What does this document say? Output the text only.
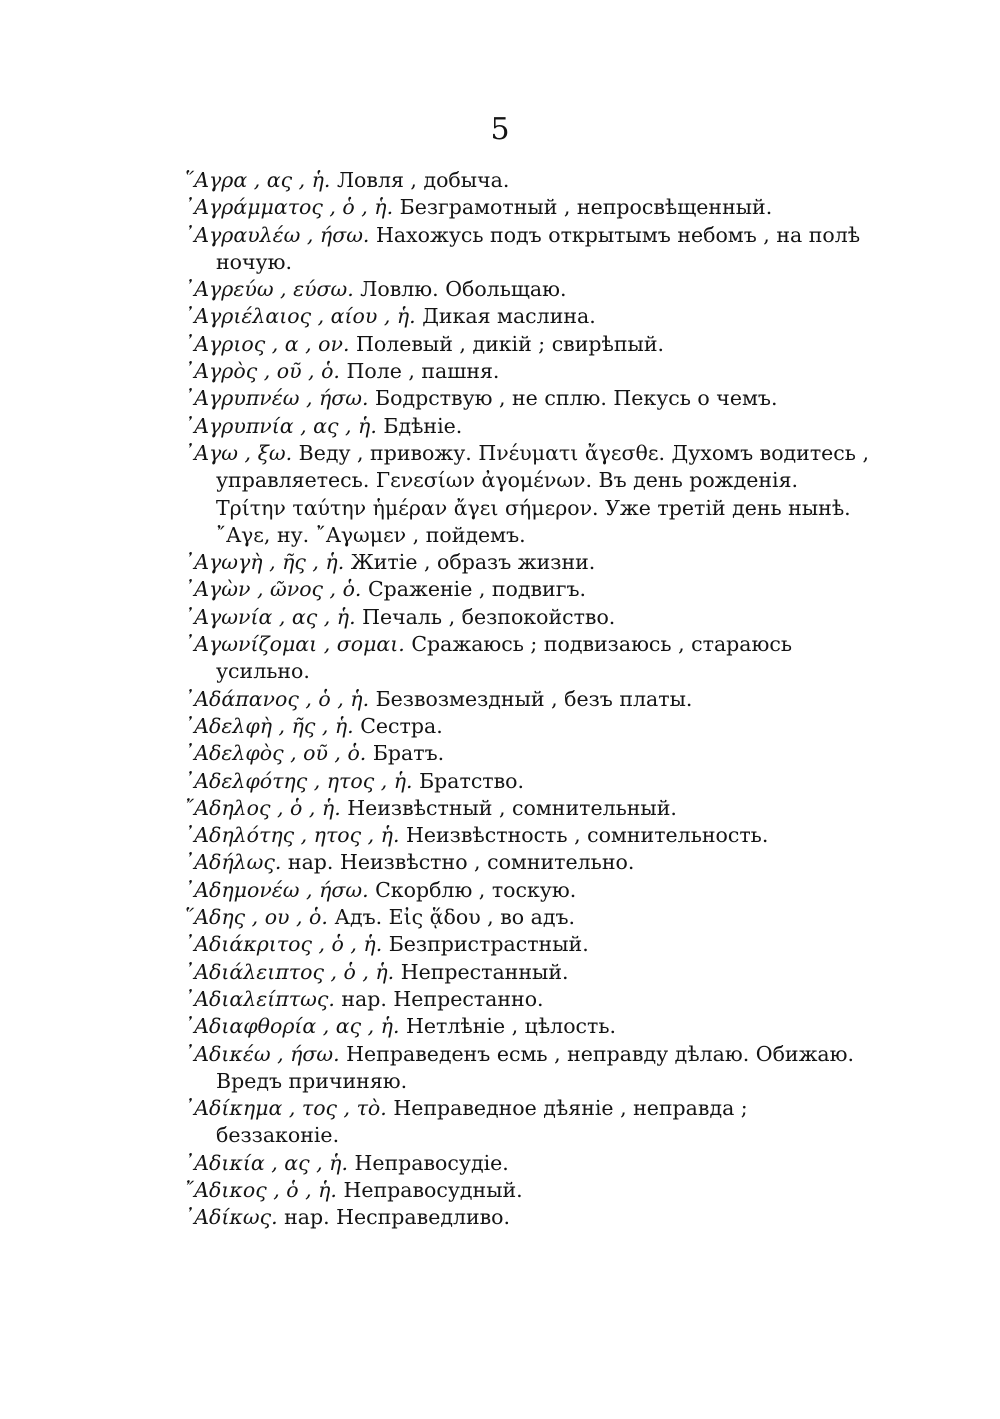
5
῞Αγρα , ας , ἡ. Ловля , добыча.
᾿Αγράμματος , ὁ , ἡ. Безграмотный , непросвѣщенный.
᾿Αγραυλέω , ήσω. Нахожусь подъ открытымъ небомъ , на полѣ ночую.
᾿Αγρεύω , εύσω. Ловлю. Обольщаю.
᾿Αγριέλαιος , αίου , ἡ. Дикая маслина.
᾿Αγριος , α , ον. Полевый , дикій ; свирѣпый.
᾿Αγρὸς , οῦ , ὁ. Поле , пашня.
᾿Αγρυπνέω , ήσω. Бодрствую , не сплю. Пекусь о чемъ.
᾿Αγρυπνία , ας , ἡ. Бдѣніе.
᾿Αγω , ξω. Веду , привожу. Πνέυματι ἄγεσθε. Духомъ водитесь , управляетесь. Γενεσίων ἀγομένων. Въ день рожденія. Τρίτην ταύτην ἡμέραν ἄγει σήμερον. Уже третій день нынѣ. ῎Αγε, ну. ῎Αγωμεν , пойдемъ.
᾿Αγωγὴ , ῆς , ἡ. Житіе , образъ жизни.
᾿Αγὼν , ῶνος , ὁ. Сраженіе , подвигъ.
᾿Αγωνία , ας , ἡ. Печаль , безпокойство.
᾿Αγωνίζομαι , σομαι. Сражаюсь ; подвизаюсь , стараюсь усильно.
᾿Αδάπανος , ὁ , ἡ. Безвозмездный , безъ платы.
᾿Αδελφὴ , ῆς , ἡ. Сестра.
᾿Αδελφὸς , οῦ , ὁ. Братъ.
᾿Αδελφότης , ητος , ἡ. Братство.
῎Αδηλος , ὁ , ἡ. Неизвѣстный , сомнительный.
᾿Αδηλότης , ητος , ἡ. Неизвѣстность , сомнительность.
᾿Αδήλως. нар. Неизвѣстно , сомнительно.
᾿Αδημονέω , ήσω. Скорблю , тоскую.
῞Αδης , ου , ὁ. Адъ. Εἰς ᾅδου , во адъ.
᾿Αδιάκριτος , ὁ , ἡ. Безпристрастный.
᾿Αδιάλειπτος , ὁ , ἡ. Непрестанный.
᾿Αδιαλείπτως. нар. Непрестанно.
᾿Αδιαφθορία , ας , ἡ. Нетлѣніе , цѣлость.
᾿Αδικέω , ήσω. Неправеденъ есмь , неправду дѣлаю. Обижаю. Вредъ причиняю.
᾿Αδίκημα , τος , τὸ. Неправедное дѣяніе , неправда ; беззаконіе.
᾿Αδικία , ας , ἡ. Неправосудіе.
῎Αδικος , ὁ , ἡ. Неправосудный.
᾿Αδίκως. нар. Несправедливо.
